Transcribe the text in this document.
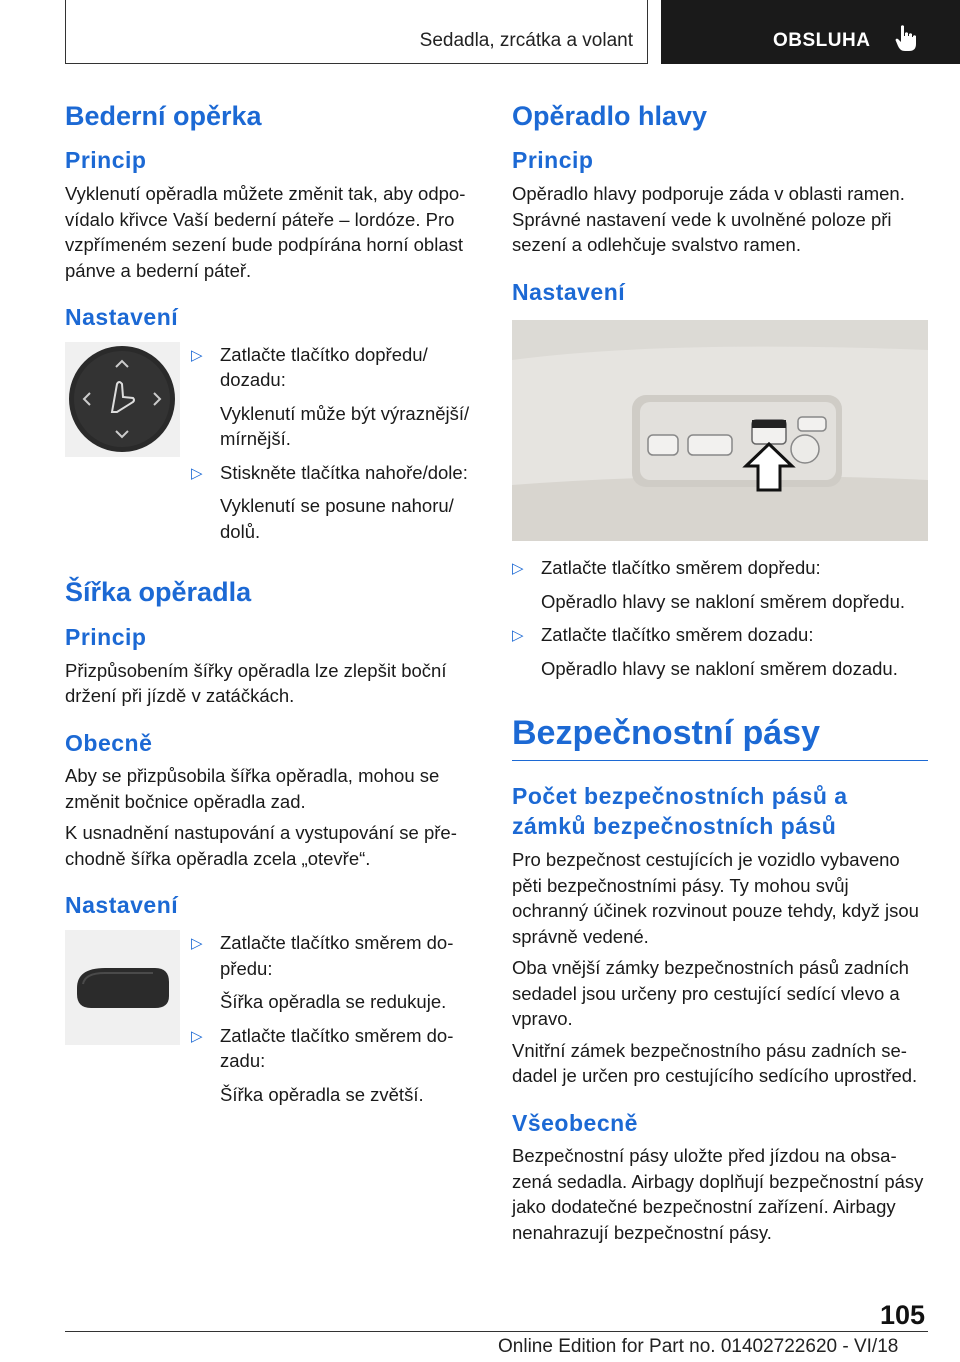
Sedadla, zrcátka a volant	OBSLUHA
Bederní opěrka
Princip

Vyklenutí opěradla můžete změnit tak, aby odpovídalo křivce Vaší bederní páteře – lordóze. Pro vzpřímeném sezení bude podpírána horní oblast pánve a bederní páteř.

Nastavení
▷ Zatlačte tlačítko dopředu/ dozadu:
Vyklenutí může být výraznější/ mírnější.
▷ Stiskněte tlačítka nahoře/dole:
Vyklenutí se posune nahoru/ dolů.
Šířka opěradla
Princip

Přizpůsobením šířky opěradla lze zlepšit boční držení při jízdě v zatáčkách.

Obecně

Aby se přizpůsobila šířka opěradla, mohou se změnit bočnice opěradla zad.

K usnadnění nastupování a vystupování se přechodně šířka opěradla zcela „otevře“.

Nastavení
▷ Zatlačte tlačítko směrem dopředu:
Šířka opěradla se redukuje.
▷ Zatlačte tlačítko směrem dozadu:
Šířka opěradla se zvětší.
Opěradlo hlavy
Princip

Opěradlo hlavy podporuje záda v oblasti ramen. Správné nastavení vede k uvolněné poloze při sezení a odlehčuje svalstvo ramen.

Nastavení
▷ Zatlačte tlačítko směrem dopředu:
Opěradlo hlavy se nakloní směrem dopředu.
▷ Zatlačte tlačítko směrem dozadu:
Opěradlo hlavy se nakloní směrem dozadu.
Bezpečnostní pásy
Počet bezpečnostních pásů a zámků bezpečnostních pásů

Pro bezpečnost cestujících je vozidlo vybaveno pěti bezpečnostními pásy. Ty mohou svůj ochranný účinek rozvinout pouze tehdy, když jsou správně vedené.

Oba vnější zámky bezpečnostních pásů zadních sedadel jsou určeny pro cestující sedící vlevo a vpravo.

Vnitřní zámek bezpečnostního pásu zadních sedadel je určen pro cestujícího sedícího uprostřed.

Všeobecně

Bezpečnostní pásy uložte před jízdou na obsazená sedadla. Airbagy doplňují bezpečnostní pásy jako dodatečné bezpečnostní zařízení. Airbagy nenahrazují bezpečnostní pásy.

105
Online Edition for Part no. 01402722620 - VI/18
